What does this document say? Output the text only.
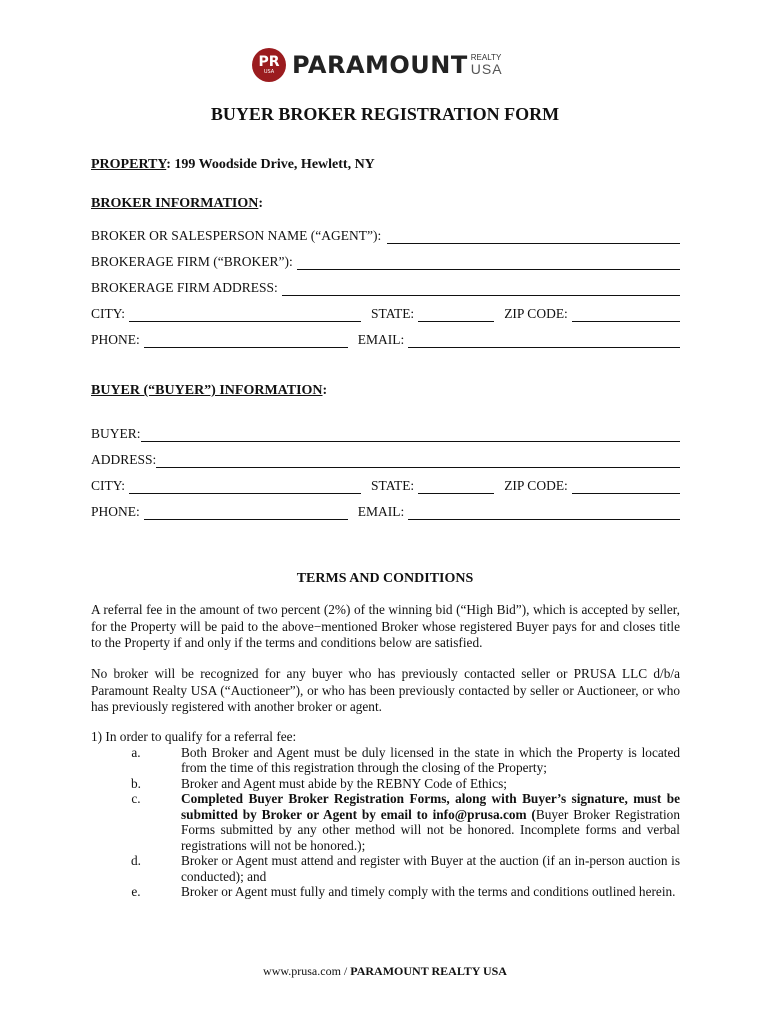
PR
USA PARAMOUNT REALTY
USA
BUYER BROKER REGISTRATION FORM
PROPERTY: 199 Woodside Drive, Hewlett, NY
BROKER INFORMATION:
BROKER OR SALESPERSON NAME (“AGENT”):
BROKERAGE FIRM (“BROKER”):
BROKERAGE FIRM ADDRESS:
CITY:	STATE:	ZIP CODE:
PHONE:	EMAIL:
BUYER (“BUYER”) INFORMATION:
BUYER:
ADDRESS:
CITY:	STATE:	ZIP CODE:
PHONE:	EMAIL:
TERMS AND CONDITIONS
A referral fee in the amount of two percent (2%) of the winning bid (“High Bid”), which is accepted by seller, for the Property will be paid to the above−mentioned Broker whose registered Buyer pays for and closes title to the Property if and only if the terms and conditions below are satisfied.
No broker will be recognized for any buyer who has previously contacted seller or PRUSA LLC d/b/a Paramount Realty USA (“Auctioneer”), or who has been previously contacted by seller or Auctioneer, or who has previously registered with another broker or agent.
1) In order to qualify for a referral fee:
a.	Both Broker and Agent must be duly licensed in the state in which the Property is located from the time of this registration through the closing of the Property;
b.	Broker and Agent must abide by the REBNY Code of Ethics;
c.	Completed Buyer Broker Registration Forms, along with Buyer’s signature, must be submitted by Broker or Agent by email to info@prusa.com (Buyer Broker Registration Forms submitted by any other method will not be honored. Incomplete forms and verbal registrations will not be honored.);
d.	Broker or Agent must attend and register with Buyer at the auction (if an in-person auction is conducted); and
e.	Broker or Agent must fully and timely comply with the terms and conditions outlined herein.
www.prusa.com / PARAMOUNT REALTY USA
